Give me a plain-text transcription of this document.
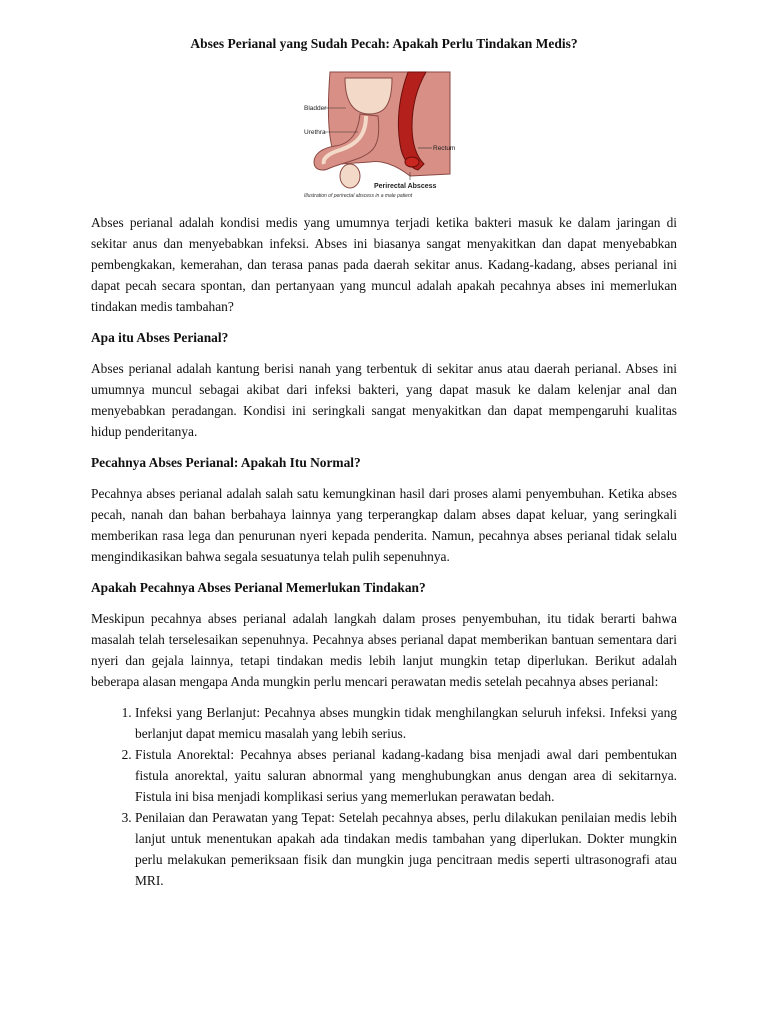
Abses Perianal yang Sudah Pecah: Apakah Perlu Tindakan Medis?
Bladder
Urethra
Rectum
Perirectal Abscess
Illustration of perirectal abscess in a male patient

Abses perianal adalah kondisi medis yang umumnya terjadi ketika bakteri masuk ke dalam jaringan di sekitar anus dan menyebabkan infeksi. Abses ini biasanya sangat menyakitkan dan dapat menyebabkan pembengkakan, kemerahan, dan terasa panas pada daerah sekitar anus. Kadang-kadang, abses perianal ini dapat pecah secara spontan, dan pertanyaan yang muncul adalah apakah pecahnya abses ini memerlukan tindakan medis tambahan?

Apa itu Abses Perianal?

Abses perianal adalah kantung berisi nanah yang terbentuk di sekitar anus atau daerah perianal. Abses ini umumnya muncul sebagai akibat dari infeksi bakteri, yang dapat masuk ke dalam kelenjar anal dan menyebabkan peradangan. Kondisi ini seringkali sangat menyakitkan dan dapat mempengaruhi kualitas hidup penderitanya.

Pecahnya Abses Perianal: Apakah Itu Normal?

Pecahnya abses perianal adalah salah satu kemungkinan hasil dari proses alami penyembuhan. Ketika abses pecah, nanah dan bahan berbahaya lainnya yang terperangkap dalam abses dapat keluar, yang seringkali memberikan rasa lega dan penurunan nyeri kepada penderita. Namun, pecahnya abses perianal tidak selalu mengindikasikan bahwa segala sesuatunya telah pulih sepenuhnya.

Apakah Pecahnya Abses Perianal Memerlukan Tindakan?

Meskipun pecahnya abses perianal adalah langkah dalam proses penyembuhan, itu tidak berarti bahwa masalah telah terselesaikan sepenuhnya. Pecahnya abses perianal dapat memberikan bantuan sementara dari nyeri dan gejala lainnya, tetapi tindakan medis lebih lanjut mungkin tetap diperlukan. Berikut adalah beberapa alasan mengapa Anda mungkin perlu mencari perawatan medis setelah pecahnya abses perianal:

1. Infeksi yang Berlanjut: Pecahnya abses mungkin tidak menghilangkan seluruh infeksi. Infeksi yang berlanjut dapat memicu masalah yang lebih serius.
2. Fistula Anorektal: Pecahnya abses perianal kadang-kadang bisa menjadi awal dari pembentukan fistula anorektal, yaitu saluran abnormal yang menghubungkan anus dengan area di sekitarnya. Fistula ini bisa menjadi komplikasi serius yang memerlukan perawatan bedah.
3. Penilaian dan Perawatan yang Tepat: Setelah pecahnya abses, perlu dilakukan penilaian medis lebih lanjut untuk menentukan apakah ada tindakan medis tambahan yang diperlukan. Dokter mungkin perlu melakukan pemeriksaan fisik dan mungkin juga pencitraan medis seperti ultrasonografi atau MRI.
